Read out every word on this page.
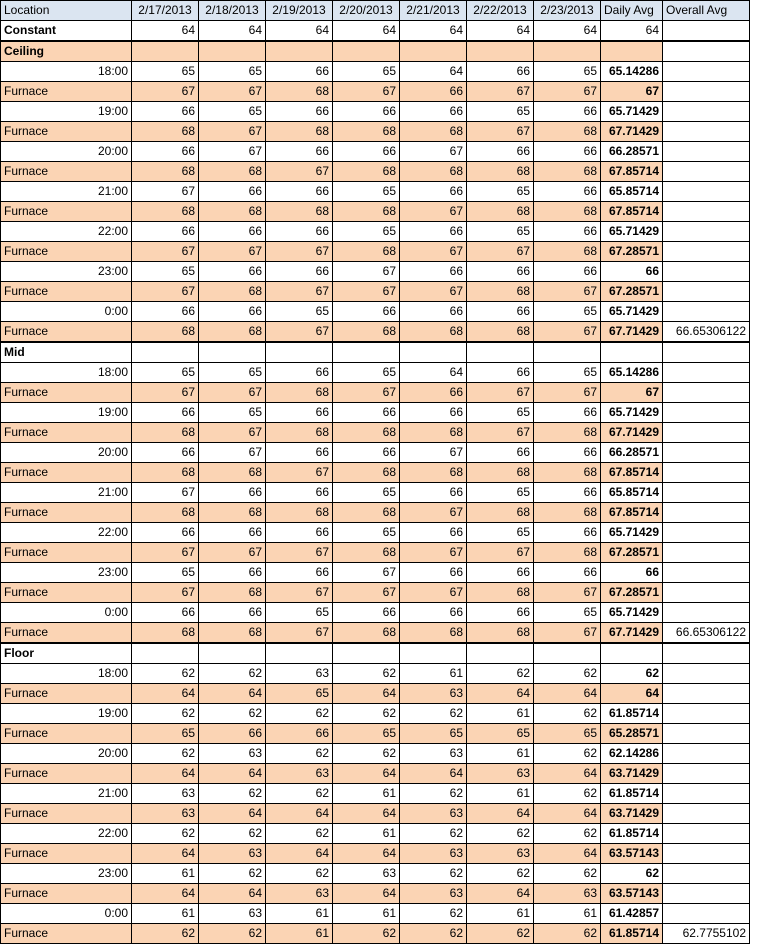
Location	2/17/2013	2/18/2013	2/19/2013	2/20/2013	2/21/2013	2/22/2013	2/23/2013	Daily Avg	Overall Avg
Constant	64	64	64	64	64	64	64	64	
Ceiling									
18:00	65	65	66	65	64	66	65	65.14286	
Furnace	67	67	68	67	66	67	67	67	
19:00	66	65	66	66	66	65	66	65.71429	
Furnace	68	67	68	68	68	67	68	67.71429	
20:00	66	67	66	66	67	66	66	66.28571	
Furnace	68	68	67	68	68	68	68	67.85714	
21:00	67	66	66	65	66	65	66	65.85714	
Furnace	68	68	68	68	67	68	68	67.85714	
22:00	66	66	66	65	66	65	66	65.71429	
Furnace	67	67	67	68	67	67	68	67.28571	
23:00	65	66	66	67	66	66	66	66	
Furnace	67	68	67	67	67	68	67	67.28571	
0:00	66	66	65	66	66	66	65	65.71429	
Furnace	68	68	67	68	68	68	67	67.71429	66.65306122
Mid									
18:00	65	65	66	65	64	66	65	65.14286	
Furnace	67	67	68	67	66	67	67	67	
19:00	66	65	66	66	66	65	66	65.71429	
Furnace	68	67	68	68	68	67	68	67.71429	
20:00	66	67	66	66	67	66	66	66.28571	
Furnace	68	68	67	68	68	68	68	67.85714	
21:00	67	66	66	65	66	65	66	65.85714	
Furnace	68	68	68	68	67	68	68	67.85714	
22:00	66	66	66	65	66	65	66	65.71429	
Furnace	67	67	67	68	67	67	68	67.28571	
23:00	65	66	66	67	66	66	66	66	
Furnace	67	68	67	67	67	68	67	67.28571	
0:00	66	66	65	66	66	66	65	65.71429	
Furnace	68	68	67	68	68	68	67	67.71429	66.65306122
Floor									
18:00	62	62	63	62	61	62	62	62	
Furnace	64	64	65	64	63	64	64	64	
19:00	62	62	62	62	62	61	62	61.85714	
Furnace	65	66	66	65	65	65	65	65.28571	
20:00	62	63	62	62	63	61	62	62.14286	
Furnace	64	64	63	64	64	63	64	63.71429	
21:00	63	62	62	61	62	61	62	61.85714	
Furnace	63	64	64	64	63	64	64	63.71429	
22:00	62	62	62	61	62	62	62	61.85714	
Furnace	64	63	64	64	63	63	64	63.57143	
23:00	61	62	62	63	62	62	62	62	
Furnace	64	64	63	64	63	64	63	63.57143	
0:00	61	63	61	61	62	61	61	61.42857	
Furnace	62	62	61	62	62	62	62	61.85714	62.7755102
